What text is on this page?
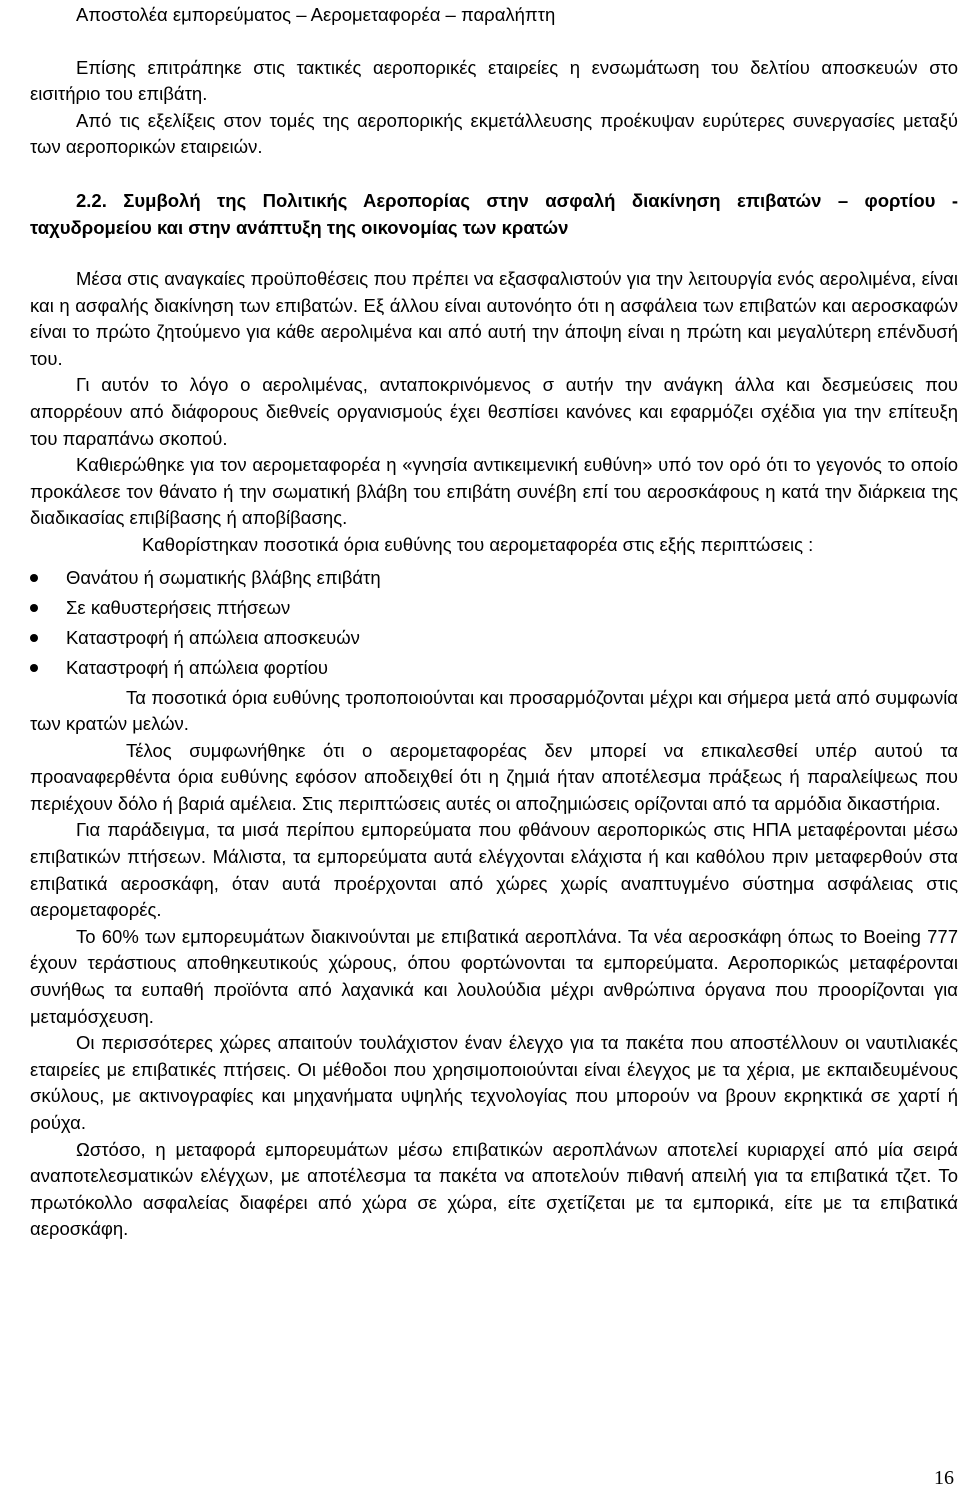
Αποστολέα εμπορεύματος – Αερομεταφορέα – παραλήπτη

Επίσης επιτράπηκε στις τακτικές αεροπορικές εταιρείες η ενσωμάτωση του δελτίου αποσκευών στο εισιτήριο του επιβάτη.

Από τις εξελίξεις στον τομές της αεροπορικής εκμετάλλευσης προέκυψαν ευρύτερες συνεργασίες μεταξύ των αεροπορικών εταιρειών.

2.2. Συμβολή της Πολιτικής Αεροπορίας στην ασφαλή διακίνηση επιβατών – φορτίου - ταχυδρομείου και στην ανάπτυξη της οικονομίας των κρατών

Μέσα στις αναγκαίες προϋποθέσεις που πρέπει να εξασφαλιστούν για την λειτουργία ενός αερολιμένα, είναι και η ασφαλής διακίνηση των επιβατών. Εξ άλλου είναι αυτονόητο ότι η ασφάλεια των επιβατών και αεροσκαφών είναι το πρώτο ζητούμενο για κάθε αερολιμένα και από αυτή την άποψη είναι η πρώτη και μεγαλύτερη επένδυσή του.

Γι αυτόν το λόγο ο αερολιμένας, ανταποκρινόμενος σ αυτήν την ανάγκη άλλα και δεσμεύσεις που απορρέουν από διάφορους διεθνείς οργανισμούς έχει θεσπίσει κανόνες και εφαρμόζει σχέδια για την επίτευξη του παραπάνω σκοπού.

Καθιερώθηκε για τον αερομεταφορέα η «γνησία αντικειμενική ευθύνη» υπό τον ορό ότι το γεγονός το οποίο προκάλεσε τον θάνατο ή την σωματική βλάβη του επιβάτη συνέβη επί του αεροσκάφους η κατά την διάρκεια της διαδικασίας επιβίβασης ή αποβίβασης.

Καθορίστηκαν ποσοτικά όρια ευθύνης του αερομεταφορέα στις εξής περιπτώσεις :

Θανάτου ή σωματικής βλάβης επιβάτη
Σε καθυστερήσεις πτήσεων
Καταστροφή ή απώλεια αποσκευών
Καταστροφή ή απώλεια φορτίου

Τα ποσοτικά όρια ευθύνης τροποποιούνται και προσαρμόζονται μέχρι και σήμερα μετά από συμφωνία των κρατών μελών.

Τέλος συμφωνήθηκε ότι ο αερομεταφορέας δεν μπορεί να επικαλεσθεί υπέρ αυτού τα προαναφερθέντα όρια ευθύνης εφόσον αποδειχθεί ότι η ζημιά ήταν αποτέλεσμα πράξεως ή παραλείψεως που περιέχουν δόλο ή βαριά αμέλεια. Στις περιπτώσεις αυτές οι αποζημιώσεις ορίζονται από τα αρμόδια δικαστήρια.

Για παράδειγμα, τα μισά περίπου εμπορεύματα που φθάνουν αεροπορικώς στις ΗΠΑ μεταφέρονται μέσω επιβατικών πτήσεων. Μάλιστα, τα εμπορεύματα αυτά ελέγχονται ελάχιστα ή και καθόλου πριν μεταφερθούν στα επιβατικά αεροσκάφη, όταν αυτά προέρχονται από χώρες χωρίς αναπτυγμένο σύστημα ασφάλειας στις αερομεταφορές.

Το 60% των εμπορευμάτων διακινούνται με επιβατικά αεροπλάνα. Τα νέα αεροσκάφη όπως το Boeing 777 έχουν τεράστιους αποθηκευτικούς χώρους, όπου φορτώνονται τα εμπορεύματα. Αεροπορικώς μεταφέρονται συνήθως τα ευπαθή προϊόντα από λαχανικά και λουλούδια μέχρι ανθρώπινα όργανα που προορίζονται για μεταμόσχευση.

Οι περισσότερες χώρες απαιτούν τουλάχιστον έναν έλεγχο για τα πακέτα που αποστέλλουν οι ναυτιλιακές εταιρείες με επιβατικές πτήσεις. Οι μέθοδοι που χρησιμοποιούνται είναι έλεγχος με τα χέρια, με εκπαιδευμένους σκύλους, με ακτινογραφίες και μηχανήματα υψηλής τεχνολογίας που μπορούν να βρουν εκρηκτικά σε χαρτί ή ρούχα.

Ωστόσο, η μεταφορά εμπορευμάτων μέσω επιβατικών αεροπλάνων αποτελεί κυριαρχεί από μία σειρά αναποτελεσματικών ελέγχων, με αποτέλεσμα τα πακέτα να αποτελούν πιθανή απειλή για τα επιβατικά τζετ. Το πρωτόκολλο ασφαλείας διαφέρει από χώρα σε χώρα, είτε σχετίζεται με τα εμπορικά, είτε με τα επιβατικά αεροσκάφη.

16
